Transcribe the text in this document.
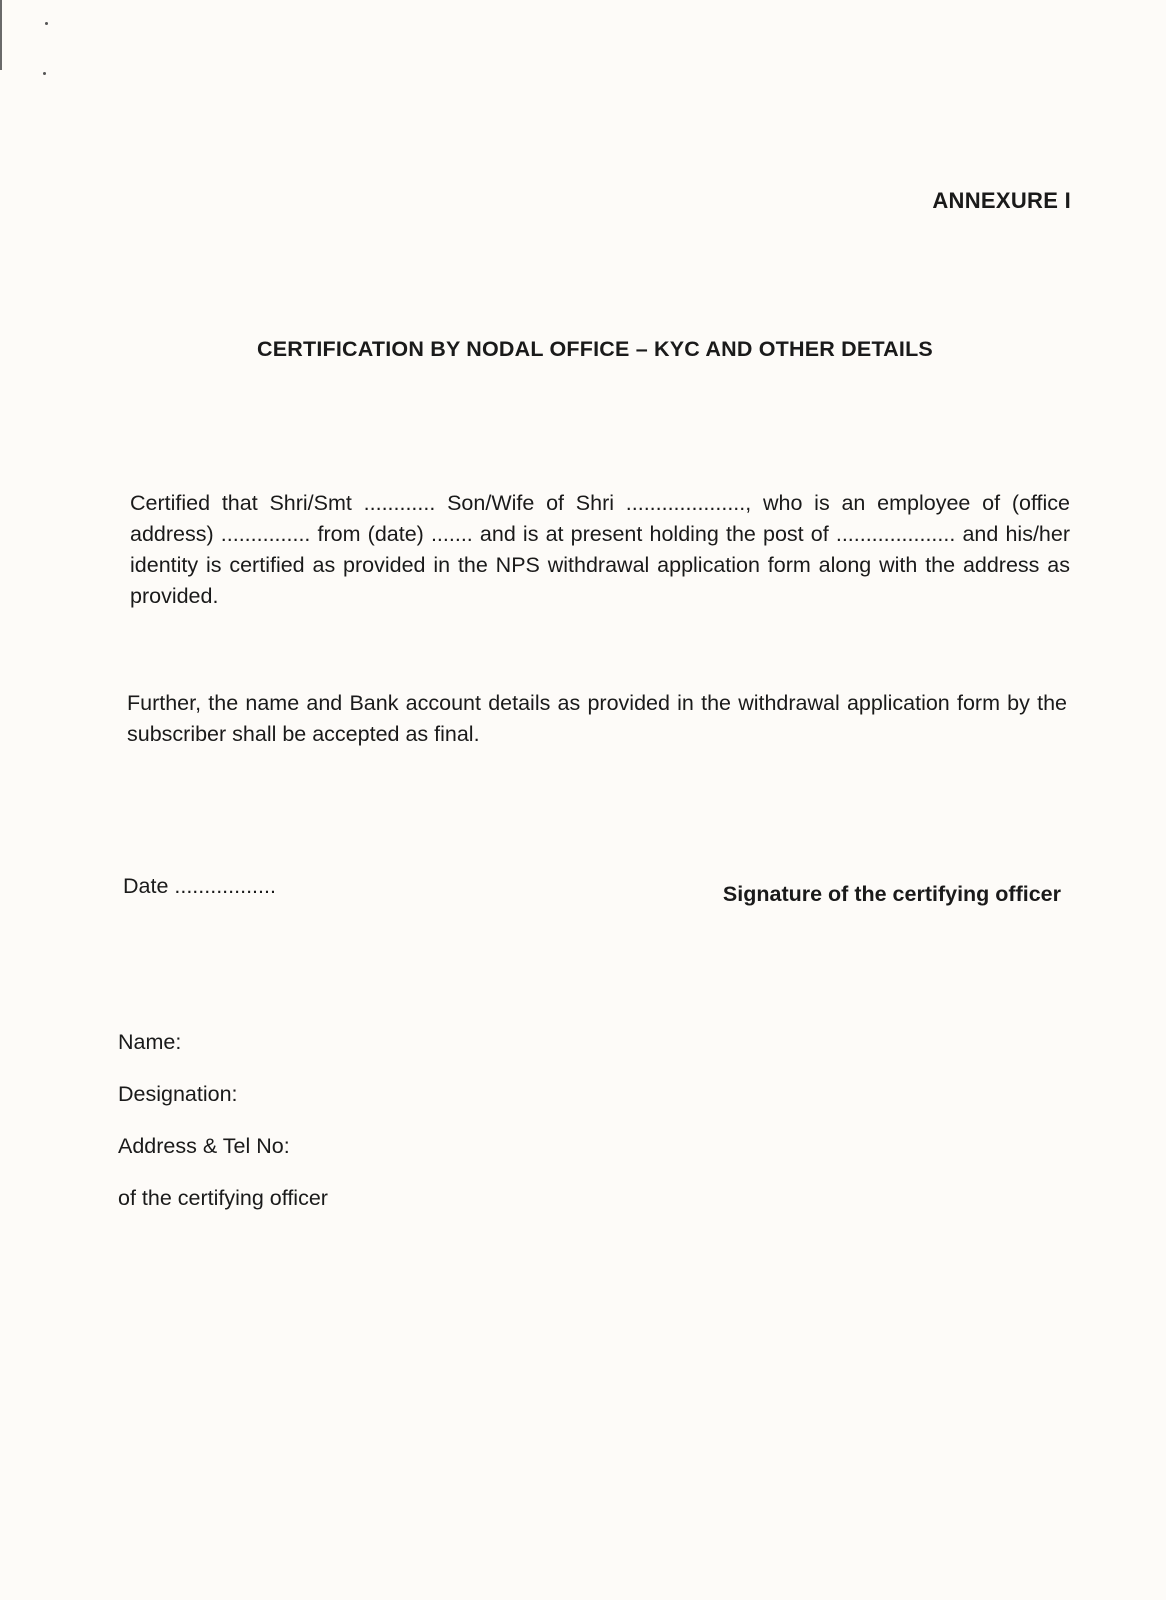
ANNEXURE I
CERTIFICATION BY NODAL OFFICE – KYC AND OTHER DETAILS
Certified that Shri/Smt ............ Son/Wife of Shri ...................., who is an employee of (office address) ............... from (date) ....... and is at present holding the post of .................... and his/her identity is certified as provided in the NPS withdrawal application form along with the address as provided.
Further, the name and Bank account details as provided in the withdrawal application form by the subscriber shall be accepted as final.
Date .................	Signature of the certifying officer
Name:
Designation:
Address & Tel No:
of the certifying officer
